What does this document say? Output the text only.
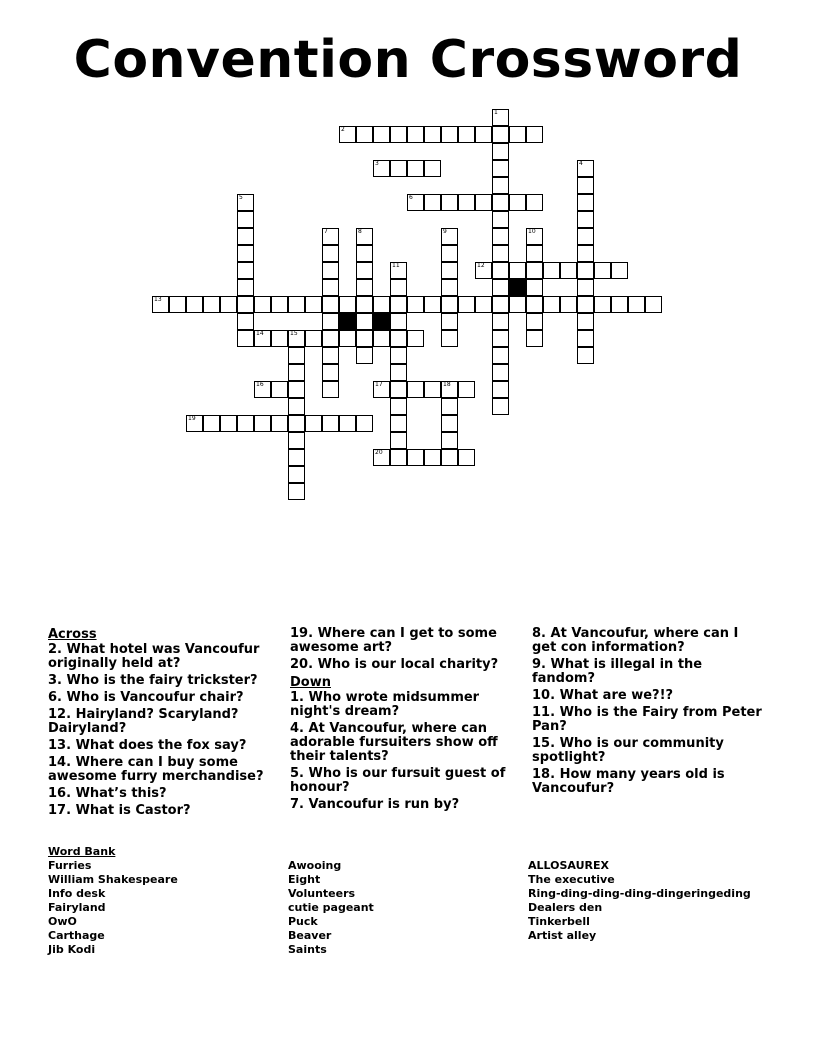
Convention Crossword
1
2
3	4
5	6
7	8	9	10
11	12
13
14	15
16	17	18
19
20
Across
2. What hotel was Vancoufur originally held at?
3. Who is the fairy trickster?
6. Who is Vancoufur chair?
12. Hairyland? Scaryland? Dairyland?
13. What does the fox say?
14. Where can I buy some awesome furry merchandise?
16. What’s this?
17. What is Castor?
19. Where can I get to some awesome art?
20. Who is our local charity?
Down
1. Who wrote midsummer night's dream?
4. At Vancoufur, where can adorable fursuiters show off their talents?
5. Who is our fursuit guest of honour?
7. Vancoufur is run by?
8. At Vancoufur, where can I get con information?
9. What is illegal in the fandom?
10. What are we?!?
11. Who is the Fairy from Peter Pan?
15. Who is our community spotlight?
18. How many years old is Vancoufur?
Word Bank
Furries
William Shakespeare
Info desk
Fairyland
OwO
Carthage
Jib Kodi
Awooing
Eight
Volunteers
cutie pageant
Puck
Beaver
Saints
ALLOSAUREX
The executive
Ring-ding-ding-ding-dingeringeding
Dealers den
Tinkerbell
Artist alley
